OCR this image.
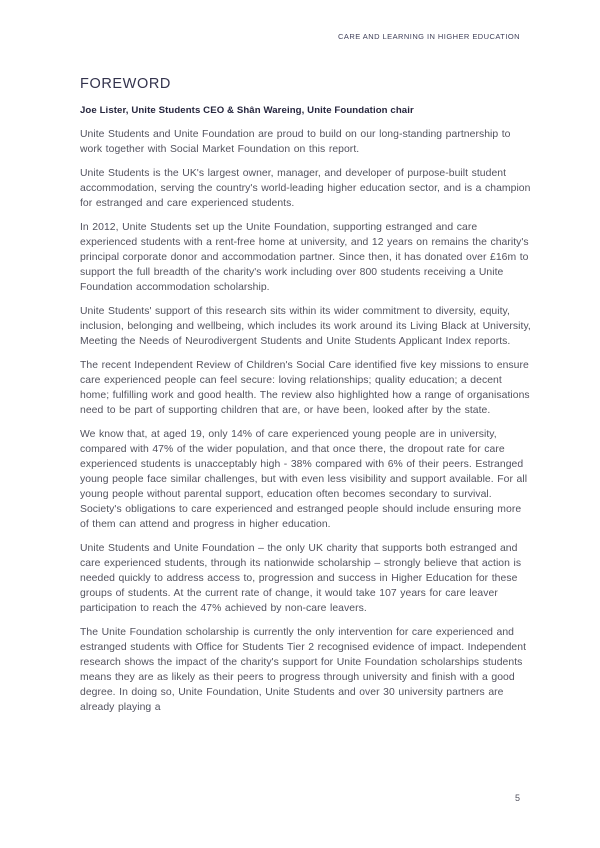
CARE AND LEARNING IN HIGHER EDUCATION
FOREWORD
Joe Lister, Unite Students CEO & Shân Wareing, Unite Foundation chair

Unite Students and Unite Foundation are proud to build on our long-standing partnership to work together with Social Market Foundation on this report.

Unite Students is the UK's largest owner, manager, and developer of purpose-built student accommodation, serving the country's world-leading higher education sector, and is a champion for estranged and care experienced students.

In 2012, Unite Students set up the Unite Foundation, supporting estranged and care experienced students with a rent-free home at university, and 12 years on remains the charity's principal corporate donor and accommodation partner. Since then, it has donated over £16m to support the full breadth of the charity's work including over 800 students receiving a Unite Foundation accommodation scholarship.

Unite Students' support of this research sits within its wider commitment to diversity, equity, inclusion, belonging and wellbeing, which includes its work around its Living Black at University, Meeting the Needs of Neurodivergent Students and Unite Students Applicant Index reports.

The recent Independent Review of Children's Social Care identified five key missions to ensure care experienced people can feel secure: loving relationships; quality education; a decent home; fulfilling work and good health. The review also highlighted how a range of organisations need to be part of supporting children that are, or have been, looked after by the state.

We know that, at aged 19, only 14% of care experienced young people are in university, compared with 47% of the wider population, and that once there, the dropout rate for care experienced students is unacceptably high - 38% compared with 6% of their peers. Estranged young people face similar challenges, but with even less visibility and support available. For all young people without parental support, education often becomes secondary to survival. Society's obligations to care experienced and estranged people should include ensuring more of them can attend and progress in higher education.

Unite Students and Unite Foundation – the only UK charity that supports both estranged and care experienced students, through its nationwide scholarship – strongly believe that action is needed quickly to address access to, progression and success in Higher Education for these groups of students. At the current rate of change, it would take 107 years for care leaver participation to reach the 47% achieved by non-care leavers.

The Unite Foundation scholarship is currently the only intervention for care experienced and estranged students with Office for Students Tier 2 recognised evidence of impact. Independent research shows the impact of the charity's support for Unite Foundation scholarships students means they are as likely as their peers to progress through university and finish with a good degree. In doing so, Unite Foundation, Unite Students and over 30 university partners are already playing a

5
